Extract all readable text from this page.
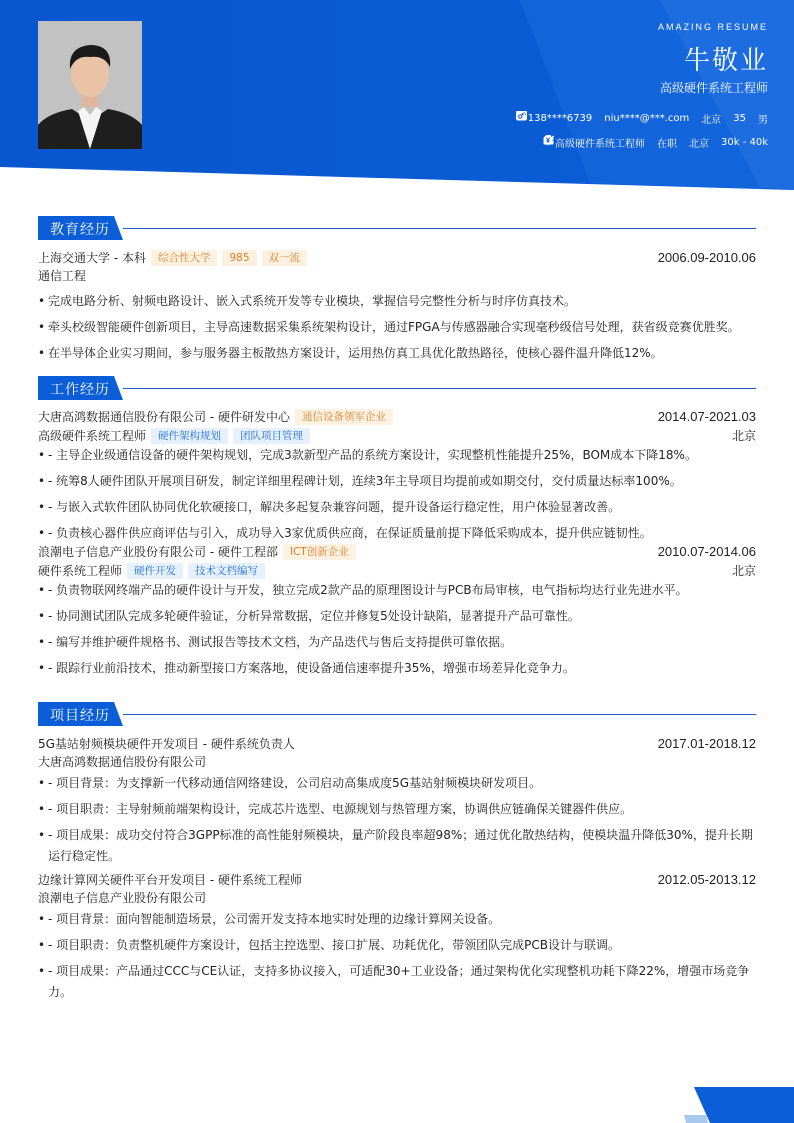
AMAZING RESUME
牛敬业
高级硬件系统工程师
138****6739 niu****@***.com 北京 35 男
高级硬件系统工程师 在职 北京 30k - 40k
教育经历
上海交通大学 - 本科	综合性大学	985	双一流	2006.09-2010.06
通信工程
• 完成电路分析、射频电路设计、嵌入式系统开发等专业模块，掌握信号完整性分析与时序仿真技术。
• 牵头校级智能硬件创新项目，主导高速数据采集系统架构设计，通过FPGA与传感器融合实现毫秒级信号处理，获省级竞赛优胜奖。
• 在半导体企业实习期间，参与服务器主板散热方案设计，运用热仿真工具优化散热路径，使核心器件温升降低12%。
工作经历
大唐高鸿数据通信股份有限公司 - 硬件研发中心	通信设备领军企业	2014.07-2021.03
高级硬件系统工程师	硬件架构规划	团队项目管理	北京
• - 主导企业级通信设备的硬件架构规划，完成3款新型产品的系统方案设计，实现整机性能提升25%，BOM成本下降18%。
• - 统筹8人硬件团队开展项目研发，制定详细里程碑计划，连续3年主导项目均提前或如期交付，交付质量达标率100%。
• - 与嵌入式软件团队协同优化软硬接口，解决多起复杂兼容问题，提升设备运行稳定性，用户体验显著改善。
• - 负责核心器件供应商评估与引入，成功导入3家优质供应商，在保证质量前提下降低采购成本，提升供应链韧性。
浪潮电子信息产业股份有限公司 - 硬件工程部	ICT创新企业	2010.07-2014.06
硬件系统工程师	硬件开发	技术文档编写	北京
• - 负责物联网终端产品的硬件设计与开发，独立完成2款产品的原理图设计与PCB布局审核，电气指标均达行业先进水平。
• - 协同测试团队完成多轮硬件验证，分析异常数据，定位并修复5处设计缺陷，显著提升产品可靠性。
• - 编写并维护硬件规格书、测试报告等技术文档，为产品迭代与售后支持提供可靠依据。
• - 跟踪行业前沿技术，推动新型接口方案落地，使设备通信速率提升35%，增强市场差异化竞争力。
项目经历
5G基站射频模块硬件开发项目 - 硬件系统负责人	2017.01-2018.12
大唐高鸿数据通信股份有限公司
• - 项目背景：为支撑新一代移动通信网络建设，公司启动高集成度5G基站射频模块研发项目。
• - 项目职责：主导射频前端架构设计，完成芯片选型、电源规划与热管理方案，协调供应链确保关键器件供应。
• - 项目成果：成功交付符合3GPP标准的高性能射频模块，量产阶段良率超98%；通过优化散热结构，使模块温升降低30%，提升长期运行稳定性。
边缘计算网关硬件平台开发项目 - 硬件系统工程师	2012.05-2013.12
浪潮电子信息产业股份有限公司
• - 项目背景：面向智能制造场景，公司需开发支持本地实时处理的边缘计算网关设备。
• - 项目职责：负责整机硬件方案设计，包括主控选型、接口扩展、功耗优化，带领团队完成PCB设计与联调。
• - 项目成果：产品通过CCC与CE认证，支持多协议接入，可适配30+工业设备；通过架构优化实现整机功耗下降22%，增强市场竞争力。
